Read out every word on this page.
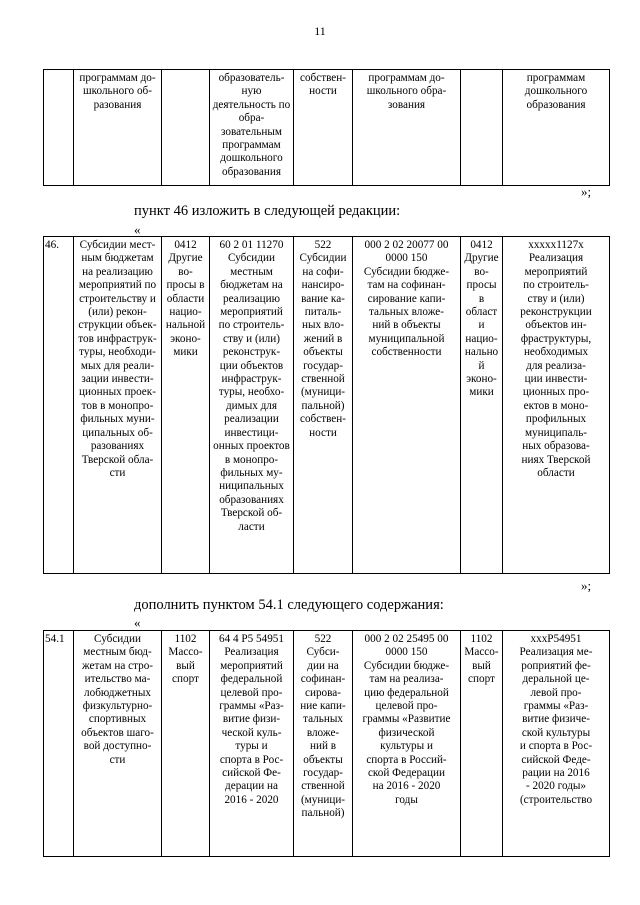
11
	программам до-
школьного об-
разования		образователь-
ную деятельность по обра-
зовательным
программам
дошкольного
образования	собствен-
ности	программам до-
школьного обра-
зования		программам
дошкольного
образования
»;
пункт 46 изложить в следующей редакции:
«
46.	Субсидии мест-
ным бюджетам
на реализацию
мероприятий по
строительству и
(или) рекон-
струкции объек-
тов инфраструк-
туры, необходи-
мых для реали-
зации инвести-
ционных проек-
тов в монопро-
фильных муни-
ципальных об-
разованиях
Тверской обла-
сти	0412
Другие
во-
просы в
области
нацио-
нальной
эконо-
мики	60 2 01 11270
Субсидии
местным
бюджетам на
реализацию
мероприятий
по строитель-
ству и (или)
реконструк-
ции объектов
инфраструк-
туры, необхо-
димых для
реализации
инвестици-
онных проектов
в монопро-
фильных му-
ниципальных
образованиях
Тверской об-
ласти	522
Субсидии
на софи-
нансиро-
вание ка-
питаль-
ных вло-
жений в
объекты
государ-
ственной
(муници-
пальной)
собствен-
ности	000 2 02 20077 00
0000 150
Субсидии бюдже-
там на софинан-
сирование капи-
тальных вложе-
ний в объекты
муниципальной
собственности	0412
Другие
во-
просы в
области
нацио-
нальной
эконо-
мики	xxxxx1127x
Реализация
мероприятий
по строитель-
ству и (или)
реконструкции
объектов ин-
фраструктуры,
необходимых
для реализа-
ции инвести-
ционных про-
ектов в моно-
профильных
муниципаль-
ных образова-
ниях Тверской
области
»;
дополнить пунктом 54.1 следующего содержания:
«
54.1	Субсидии
местным бюд-
жетам на стро-
ительство ма-
лобюджетных
физкультурно-
спортивных
объектов шаго-
вой доступно-
сти	1102
Массо-
вый
спорт	64 4 P5 54951
Реализация
мероприятий
федеральной
целевой про-
граммы «Раз-
витие физи-
ческой куль-
туры и
спорта в Рос-
сийской Фе-
дерации на
2016 - 2020	522
Субси-
дии на
софинан-
сирова-
ние капи-
тальных
вложе-
ний в
объекты
государ-
ственной
(муници-
пальной)	000 2 02 25495 00
0000 150
Субсидии бюдже-
там на реализа-
цию федеральной
целевой про-
граммы «Развитие
физической
культуры и
спорта в Россий-
ской Федерации
на 2016 - 2020
годы	1102
Массо-
вый
спорт	xxxP54951
Реализация ме-
роприятий фе-
деральной це-
левой про-
граммы «Раз-
витие физиче-
ской культуры
и спорта в Рос-
сийской Феде-
рации на 2016
- 2020 годы»
(строительство
